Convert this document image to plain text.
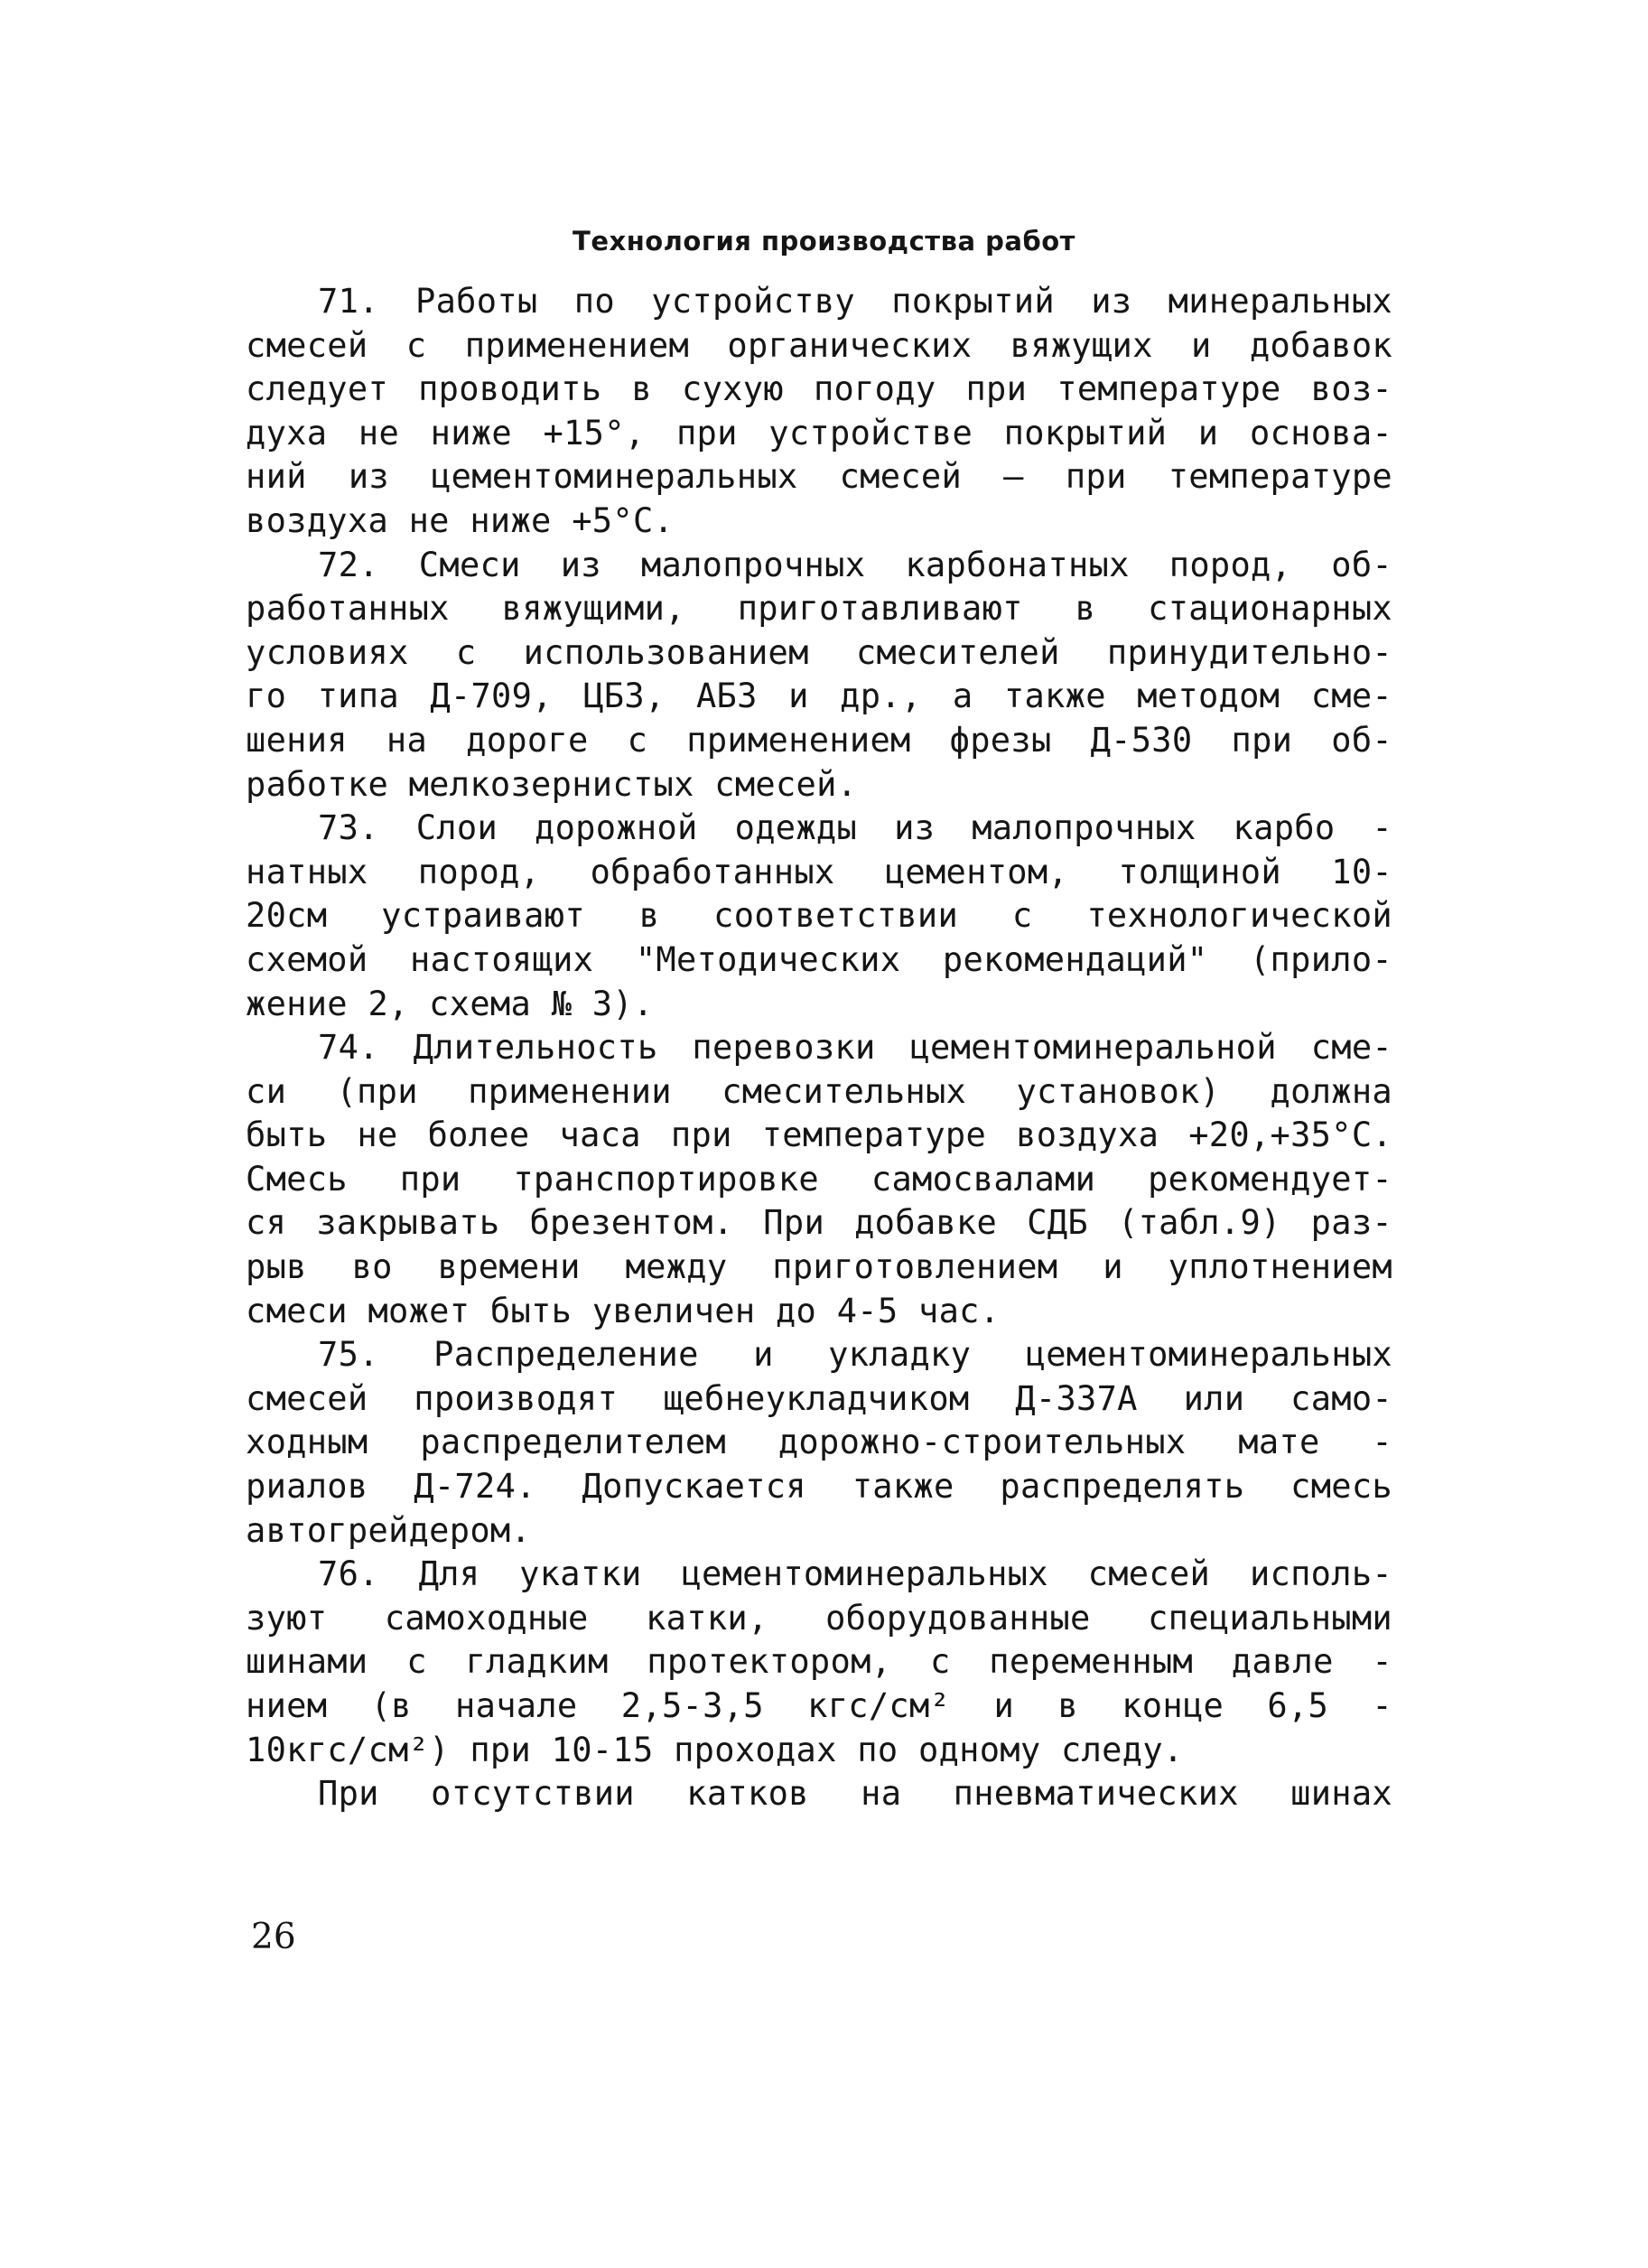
Технология производства работ
71. Работы по устройству покрытий из минеральных
смесей с применением органических вяжущих и добавок
следует проводить в сухую погоду при температуре воз-
духа не ниже +15°, при устройстве покрытий и основа-
ний из цементоминеральных смесей – при температуре
воздуха не ниже +5°С.
72. Смеси из малопрочных карбонатных пород, об-
работанных вяжущими, приготавливают в стационарных
условиях с использованием смесителей принудительно-
го типа Д-709, ЦБ3, АБ3 и др., а также методом сме-
шения на дороге с применением фрезы Д-530 при об-
работке мелкозернистых смесей.
73. Слои дорожной одежды из малопрочных карбо -
натных пород, обработанных цементом, толщиной 10-
20см устраивают в соответствии с технологической
схемой настоящих "Методических рекомендаций" (прило-
жение 2, схема № 3).
74. Длительность перевозки цементоминеральной сме-
си (при применении смесительных установок) должна
быть не более часа при температуре воздуха +20,+35°С.
Смесь при транспортировке самосвалами рекомендует-
ся закрывать брезентом. При добавке СДБ (табл.9) раз-
рыв во времени между приготовлением и уплотнением
смеси может быть увеличен до 4-5 час.
75. Распределение и укладку цементоминеральных
смесей производят щебнеукладчиком Д-337А или само-
ходным распределителем дорожно-строительных мате -
риалов Д-724. Допускается также распределять смесь
автогрейдером.
76. Для укатки цементоминеральных смесей исполь-
зуют самоходные катки, оборудованные специальными
шинами с гладким протектором, с переменным давле -
нием (в начале 2,5-3,5 кгс/см² и в конце 6,5 -
10кгс/см²) при 10-15 проходах по одному следу.
При отсутствии катков на пневматических шинах
26
